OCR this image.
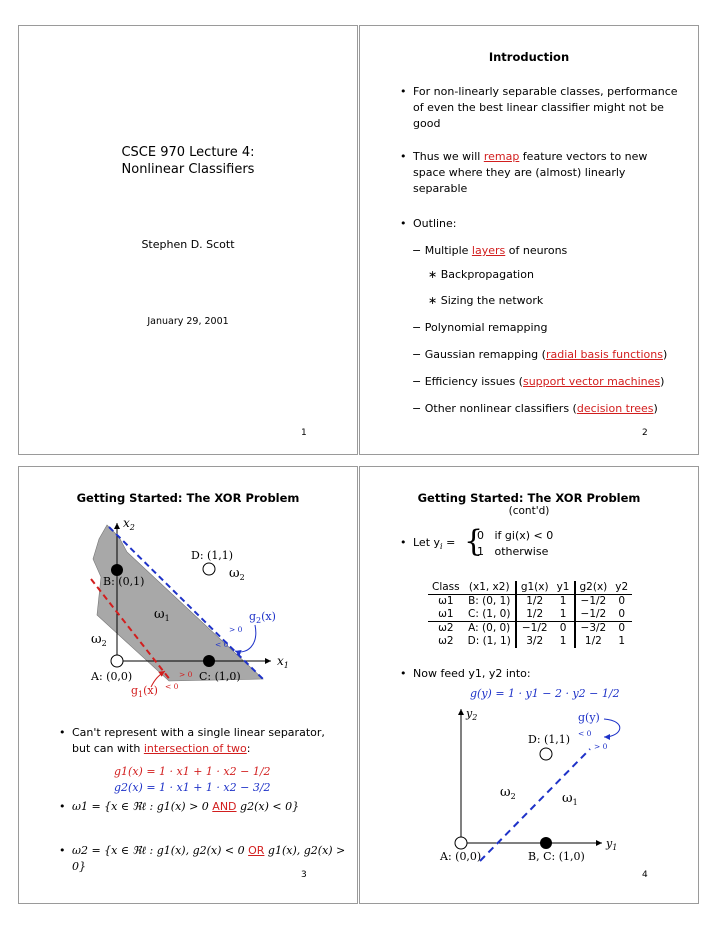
CSCE 970 Lecture 4:
Nonlinear Classifiers
Stephen D. Scott
January 29, 2001
1
Introduction
• For non-linearly separable classes, performance of even the best linear classifier might not be good
• Thus we will remap feature vectors to new space where they are (almost) linearly separable
• Outline:
− Multiple layers of neurons
∗ Backpropagation
∗ Sizing the network
− Polynomial remapping
− Gaussian remapping (radial basis functions)
− Efficiency issues (support vector machines)
− Other nonlinear classifiers (decision trees)
2
Getting Started: The XOR Problem
$x_2$
$x_1$
D: (1,1)
B: (0,1)
A: (0,0)	C: (1,0)
$\omega_2$
$\omega_1$
$\omega_2$
$g_2(x)$
$g_1(x)$
> 0
< 0
> 0
< 0
• Can't represent with a single linear separator, but can with intersection of two:
g1(x) = 1 · x1 + 1 · x2 − 1/2
g2(x) = 1 · x1 + 1 · x2 − 3/2
• ω1 = {x ∈ ℜℓ : g1(x) > 0 AND g2(x) < 0}
• ω2 = {x ∈ ℜℓ : g1(x), g2(x) < 0 OR g1(x), g2(x) > 0}
3
Getting Started: The XOR Problem
(cont'd)
• Let $y_i$ = {
0   if gi(x) < 0
1   otherwise
Class	(x1, x2)	g1(x)	y1	g2(x)	y2
ω1	B: (0, 1)	1/2	1	−1/2	0
ω1	C: (1, 0)	1/2	1	−1/2	0
ω2	A: (0, 0)	−1/2	0	−3/2	0
ω2	D: (1, 1)	3/2	1	1/2	1
• Now feed y1, y2 into:
g(y) = 1 · y1 − 2 · y2 − 1/2
$y_2$
$y_1$
g(y)
< 0
> 0
D: (1,1)
$\omega_2$	$\omega_1$
A: (0,0)	B, C: (1,0)
4
